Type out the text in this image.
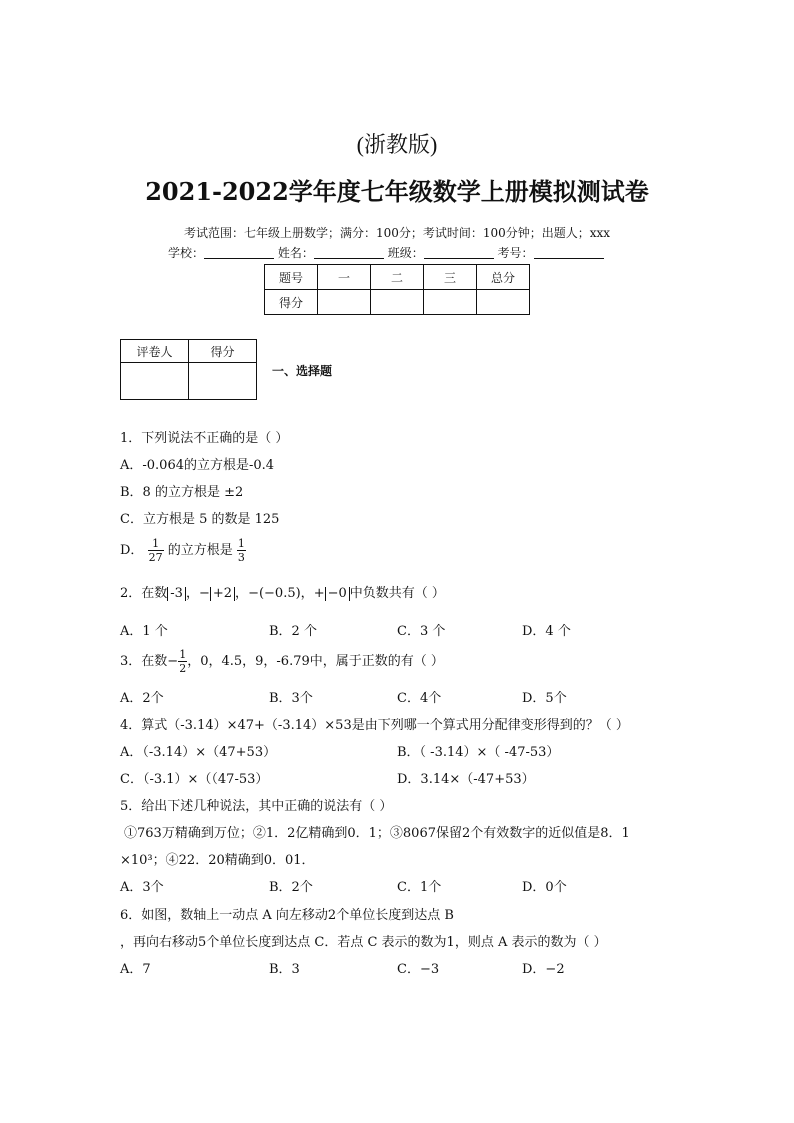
(浙教版)
2021-2022学年度七年级数学上册模拟测试卷
考试范围：七年级上册数学；满分：100分；考试时间：100分钟；出题人；xxx
学校：	姓名：	班级：	考号：
题号	一	二	三	总分
得分				
评卷人	得分

一、选择题
1．下列说法不正确的是（ ）
A．-0.064的立方根是-0.4
B．8 的立方根是 ±2
C．立方根是 5 的数是 125
D． $\frac{1}{27}$ 的立方根是 $\frac{1}{3}$
2．在数 -3 ，− +2 ，−(−0.5)，+ −0 中负数共有（ ）
A．1 个	B．2 个	C．3 个	D．4 个
3．在数− $\frac{1}{2}$ ，0，4.5，9，-6.79中，属于正数的有（ ）
A．2个	B．3个	C．4个	D．5个
4．算式（-3.14）×47+（-3.14）×53是由下列哪一个算式用分配律变形得到的？（ ）
A．（-3.14）×（47+53）	B．（ -3.14）×（ -47-53）
C．（-3.1）×（（47-53）	D．3.14×（-47+53）
5．给出下述几种说法，其中正确的说法有（ ）
①763万精确到万位；②1．2亿精确到0．1；③8067保留2个有效数字的近似值是8．1
×10³；④22．20精确到0．01．
A．3个	B．2个	C．1个	D．0个
6．如图，数轴上一动点 A 向左移动2个单位长度到达点 B
，再向右移动5个单位长度到达点 C．若点 C 表示的数为1，则点 A 表示的数为（ ）
A．7	B．3	C．−3	D．−2
